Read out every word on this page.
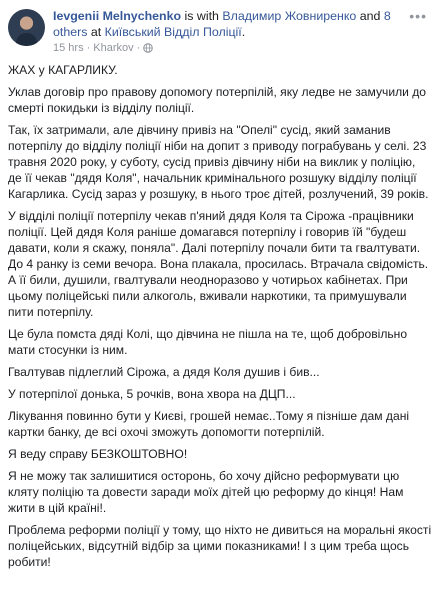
Ievgenii Melnychenko is with Владимир Жовниренко and 8 others at Київський Відділ Поліції.
15 hrs · Kharkov ·
•••

ЖАХ у КАГАРЛИКУ.

Уклав договір про правову допомогу потерпілій, яку ледве не замучили до смерті покидьки із відділу поліції.

Так, їх затримали, але дівчину привіз на "Опелі" сусід, який заманив потерпілу до відділу поліції ніби на допит з приводу пограбувань у селі. 23 травня 2020 року, у суботу, сусід привіз дівчину ніби на виклик у поліцію, де її чекав "дядя Коля", начальник кримінального розшуку відділу поліції Кагарлика. Сусід зараз у розшуку, в нього троє дітей, розлучений, 39 років.

У відділі поліції потерпілу чекав п'яний дядя Коля та Сірожа -працівники поліції. Цей дядя Коля раніше домагався потерпілу і говорив їй "будеш давати, коли я скажу, поняла". Далі потерпілу почали бити та гвалтувати. До 4 ранку із семи вечора. Вона плакала, просилась. Втрачала свідомість. А її били, душили, гвалтували неодноразово у чотирьох кабінетах. При цьому поліцейські пили алкоголь, вживали наркотики, та примушували пити потерпілу.

Це була помста дяді Колі, що дівчина не пішла на те, щоб добровільно мати стосунки із ним.

Гвалтував підлеглий Сірожа, а дядя Коля душив і бив...

У потерпілої донька, 5 рочків, вона хвора на ДЦП...

Лікування повинно бути у Києві, грошей немає..Тому я пізніше дам дані картки банку, де всі охочі зможуть допомогти потерпілій.

Я веду справу БЕЗКОШТОВНО!

Я не можу так залишитися осторонь, бо хочу дійсно реформувати цю кляту поліцію та довести заради моїх дітей цю реформу до кінця! Нам жити в цій країні!.

Проблема реформи поліції у тому, що ніхто не дивиться на моральні якості поліцейських, відсутній відбір за цими показниками! І з цим треба щось робити!
